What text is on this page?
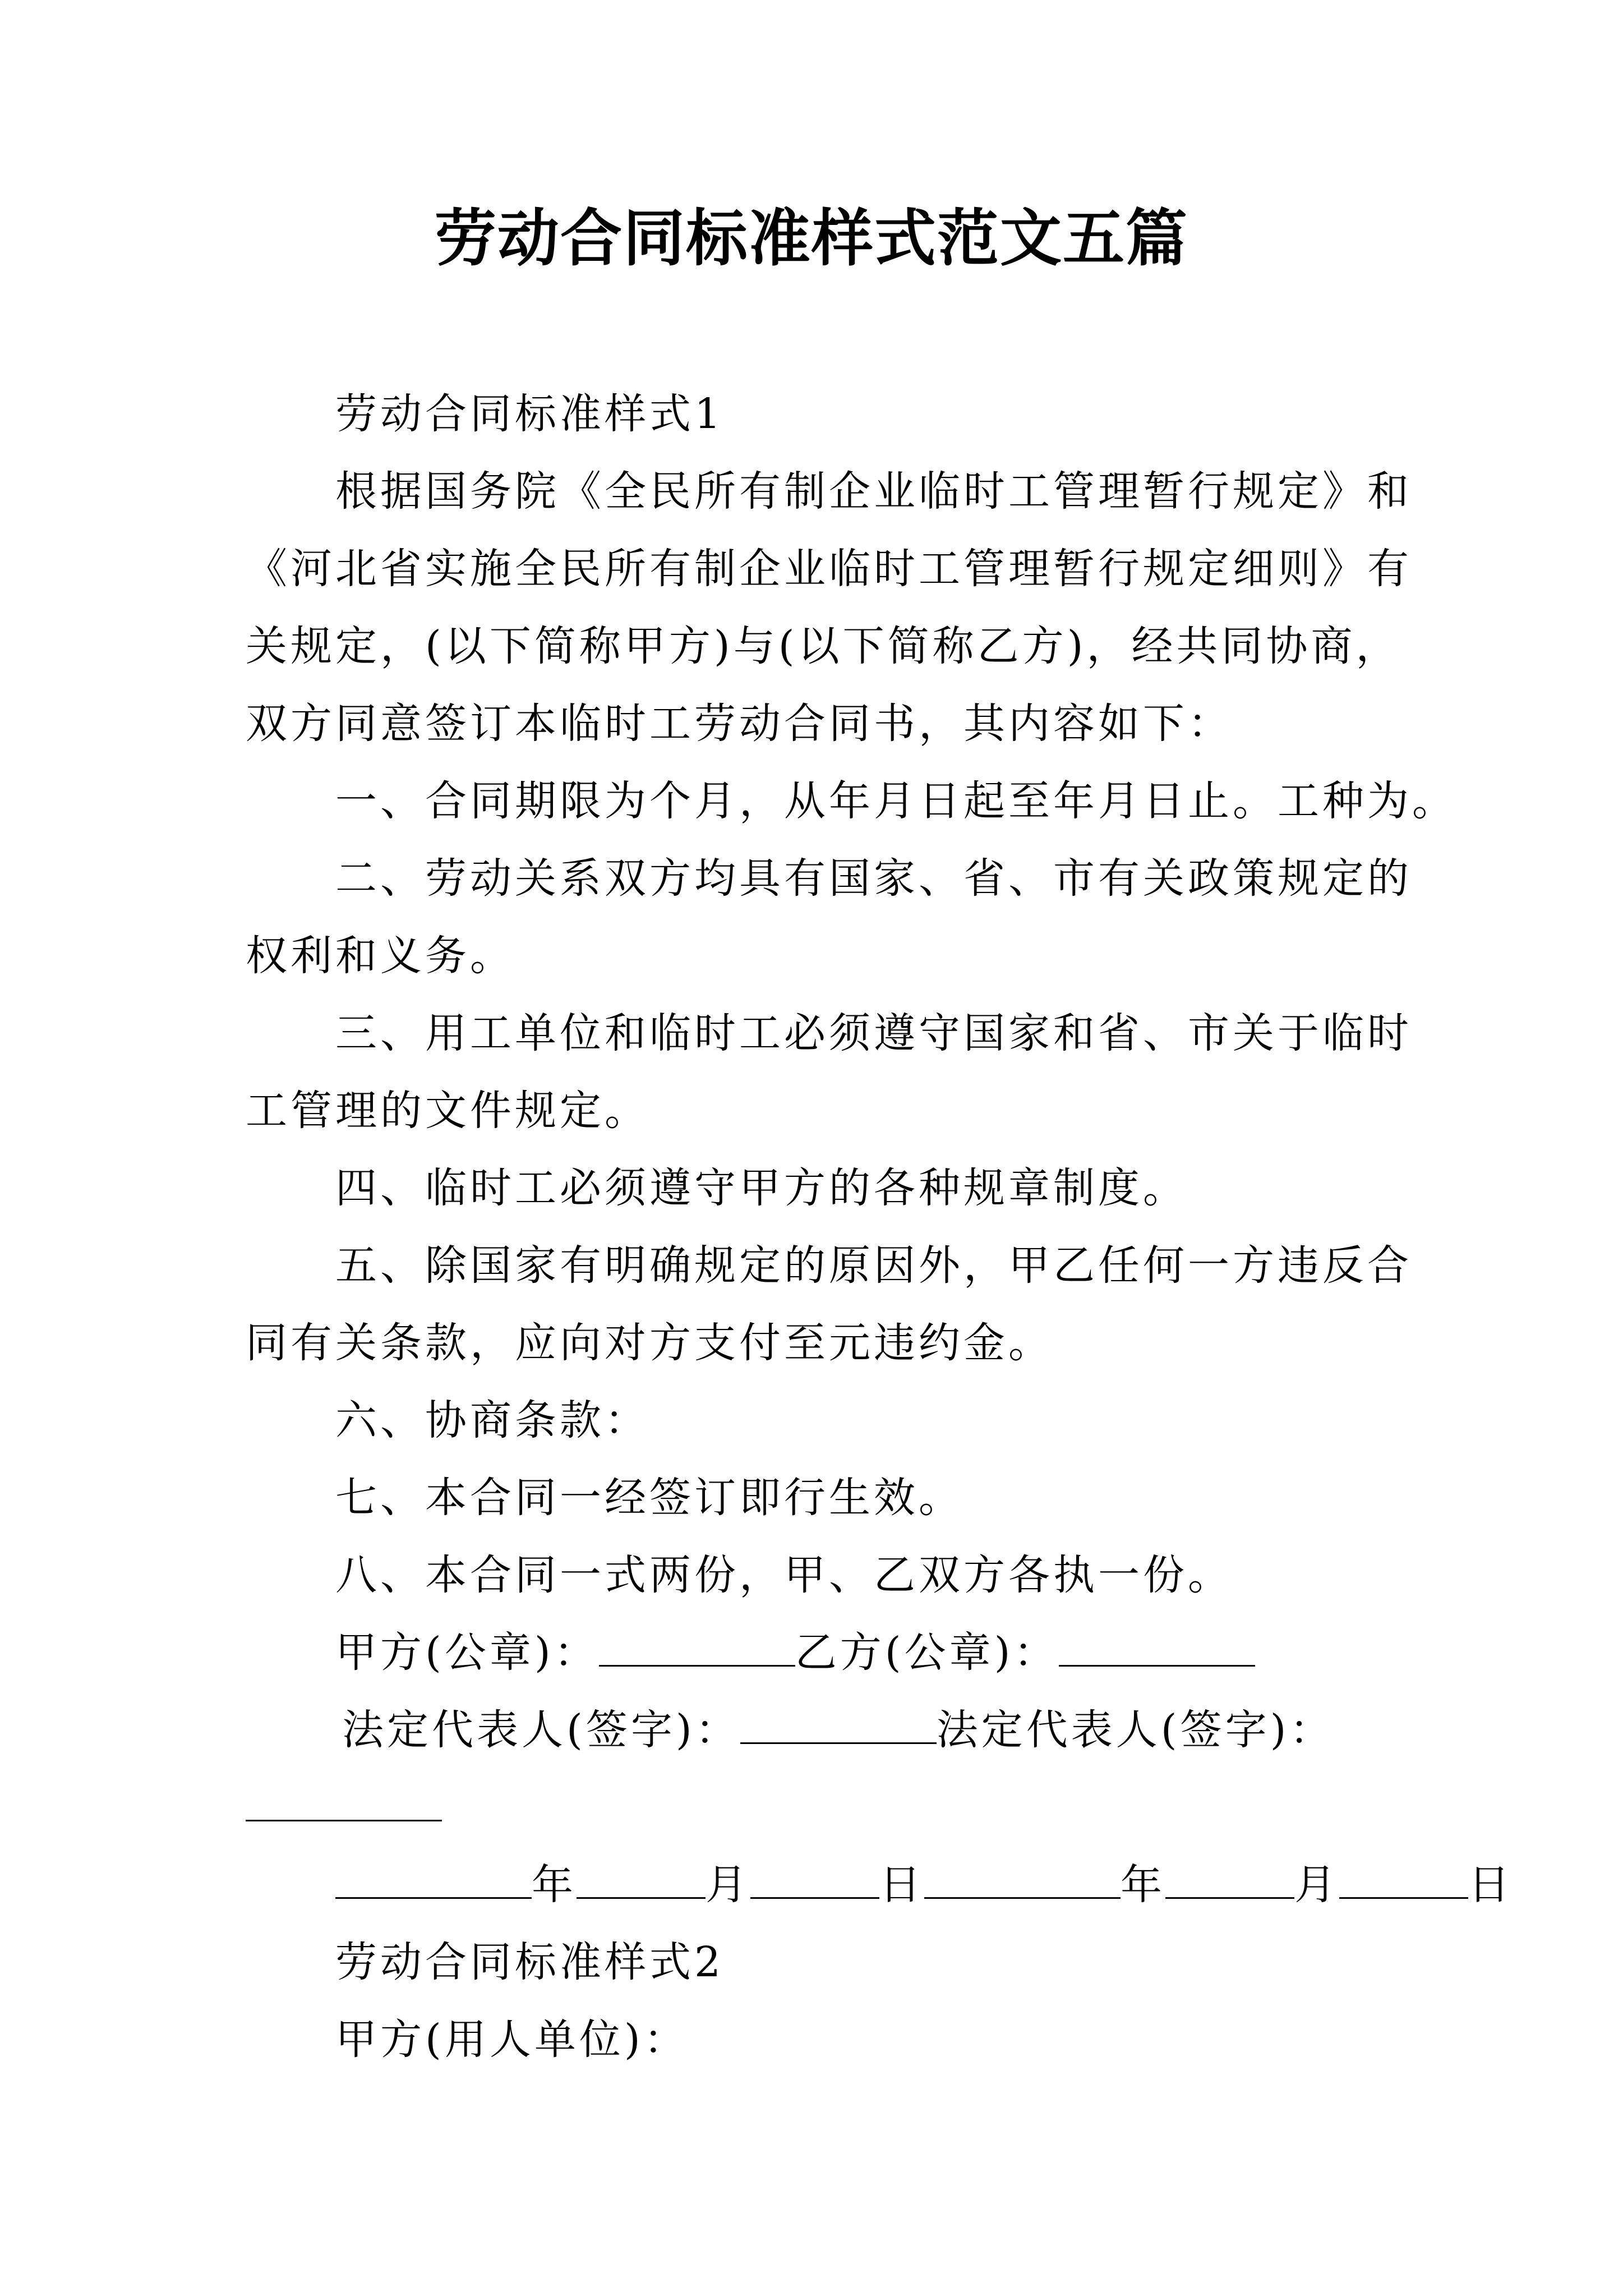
劳动合同标准样式范文五篇
劳动合同标准样式1
根据国务院《全民所有制企业临时工管理暂行规定》和
《河北省实施全民所有制企业临时工管理暂行规定细则》有
关规定，(以下简称甲方)与(以下简称乙方)，经共同协商，
双方同意签订本临时工劳动合同书，其内容如下：
一、合同期限为个月，从年月日起至年月日止。工种为。
二、劳动关系双方均具有国家、省、市有关政策规定的
权利和义务。
三、用工单位和临时工必须遵守国家和省、市关于临时
工管理的文件规定。
四、临时工必须遵守甲方的各种规章制度。
五、除国家有明确规定的原因外，甲乙任何一方违反合
同有关条款，应向对方支付至元违约金。
六、协商条款：
七、本合同一经签订即行生效。
八、本合同一式两份，甲、乙双方各执一份。
甲方(公章)：	乙方(公章)：
法定代表人(签字)：	法定代表人(签字)：
年	月	日	年	月	日
劳动合同标准样式2
甲方(用人单位)：
